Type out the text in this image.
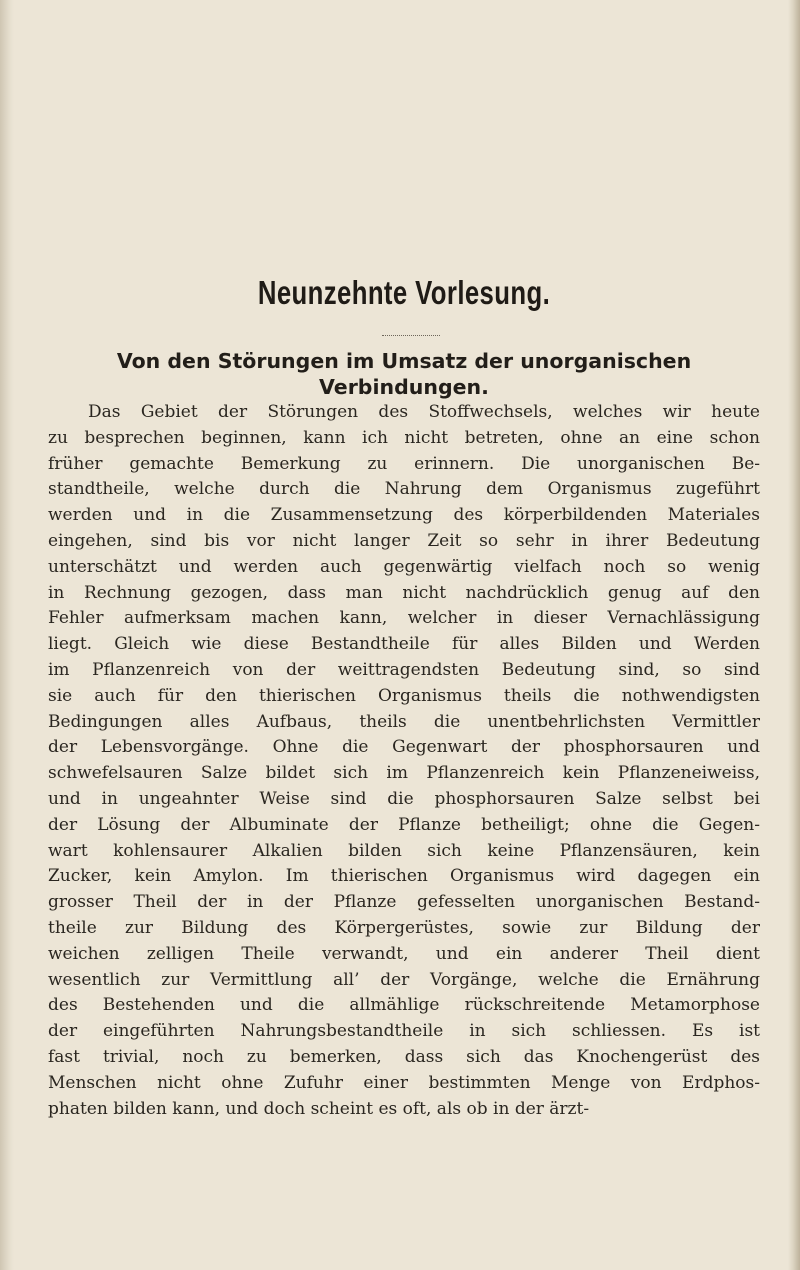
Neunzehnte Vorlesung.
Von den Störungen im Umsatz der unorganischen
Verbindungen.
Das Gebiet der Störungen des Stoffwechsels, welches wir heute
zu besprechen beginnen, kann ich nicht betreten, ohne an eine schon
früher gemachte Bemerkung zu erinnern. Die unorganischen Be-
standtheile, welche durch die Nahrung dem Organismus zugeführt
werden und in die Zusammensetzung des körperbildenden Materiales
eingehen, sind bis vor nicht langer Zeit so sehr in ihrer Bedeutung
unterschätzt und werden auch gegenwärtig vielfach noch so wenig
in Rechnung gezogen, dass man nicht nachdrücklich genug auf den
Fehler aufmerksam machen kann, welcher in dieser Vernachlässigung
liegt. Gleich wie diese Bestandtheile für alles Bilden und Werden
im Pflanzenreich von der weittragendsten Bedeutung sind, so sind
sie auch für den thierischen Organismus theils die nothwendigsten
Bedingungen alles Aufbaus, theils die unentbehrlichsten Vermittler
der Lebensvorgänge. Ohne die Gegenwart der phosphorsauren und
schwefelsauren Salze bildet sich im Pflanzenreich kein Pflanzeneiweiss,
und in ungeahnter Weise sind die phosphorsauren Salze selbst bei
der Lösung der Albuminate der Pflanze betheiligt; ohne die Gegen-
wart kohlensaurer Alkalien bilden sich keine Pflanzensäuren, kein
Zucker, kein Amylon. Im thierischen Organismus wird dagegen ein
grosser Theil der in der Pflanze gefesselten unorganischen Bestand-
theile zur Bildung des Körpergerüstes, sowie zur Bildung der
weichen zelligen Theile verwandt, und ein anderer Theil dient
wesentlich zur Vermittlung all’ der Vorgänge, welche die Ernährung
des Bestehenden und die allmählige rückschreitende Metamorphose
der eingeführten Nahrungsbestandtheile in sich schliessen. Es ist
fast trivial, noch zu bemerken, dass sich das Knochengerüst des
Menschen nicht ohne Zufuhr einer bestimmten Menge von Erdphos-
phaten bilden kann, und doch scheint es oft, als ob in der ärzt-
